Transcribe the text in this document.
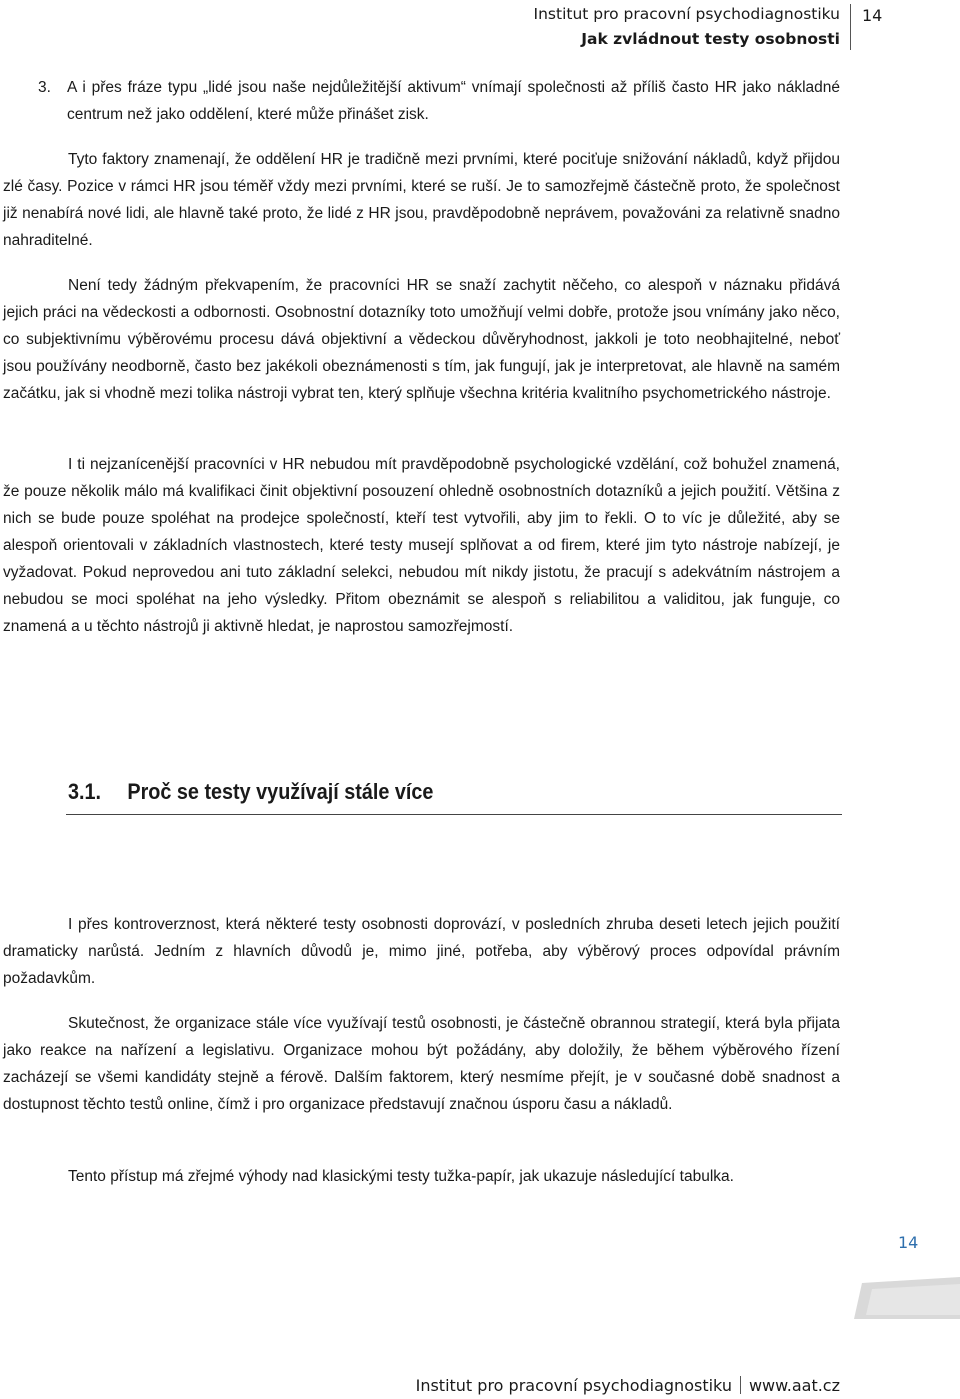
Institut pro pracovní psychodiagnostiku
Jak zvládnout testy osobnosti
14
3.	A i přes fráze typu „lidé jsou naše nejdůležitější aktivum“ vnímají společnosti až příliš často HR jako nákladné centrum než jako oddělení, které může přinášet zisk.
Tyto faktory znamenají, že oddělení HR je tradičně mezi prvními, které pociťuje snižování nákladů, když přijdou zlé časy. Pozice v rámci HR jsou téměř vždy mezi prvními, které se ruší. Je to samozřejmě částečně proto, že společnost již nenabírá nové lidi, ale hlavně také proto, že lidé z HR jsou, pravděpodobně neprávem, považováni za relativně snadno nahraditelné.
Není tedy žádným překvapením, že pracovníci HR se snaží zachytit něčeho, co alespoň v náznaku přidává jejich práci na vědeckosti a odbornosti. Osobnostní dotazníky toto umožňují velmi dobře, protože jsou vnímány jako něco, co subjektivnímu výběrovému procesu dává objektivní a vědeckou důvěryhodnost, jakkoli je toto neobhajitelné, neboť jsou používány neodborně, často bez jakékoli obeznámenosti s tím, jak fungují, jak je interpretovat, ale hlavně na samém začátku, jak si vhodně mezi tolika nástroji vybrat ten, který splňuje všechna kritéria kvalitního psychometrického nástroje.
I ti nejzaníceněјší pracovníci v HR nebudou mít pravděpodobně psychologické vzdělání, což bohužel znamená, že pouze několik málo má kvalifikaci činit objektivní posouzení ohledně osobnostních dotazníků a jejich použití. Většina z nich se bude pouze spoléhat na prodejce společností, kteří test vytvořili, aby jim to řekli. O to víc je důležité, aby se alespoň orientovali v základních vlastnostech, které testy musejí splňovat a od firem, které jim tyto nástroje nabízejí, je vyžadovat. Pokud neprovedou ani tuto základní selekci, nebudou mít nikdy jistotu, že pracují s adekvátním nástrojem a nebudou se moci spoléhat na jeho výsledky. Přitom obeznámit se alespoň s reliabilitou a validitou, jak funguje, co znamená a u těchto nástrojů ji aktivně hledat, je naprostou samozřejmostí.
3.1. Proč se testy využívají stále více
I přes kontroverznost, která některé testy osobnosti doprovází, v posledních zhruba deseti letech jejich použití dramaticky narůstá. Jedním z hlavních důvodů je, mimo jiné, potřeba, aby výběrový proces odpovídal právním požadavkům.
Skutečnost, že organizace stále více využívají testů osobnosti, je částečně obrannou strategií, která byla přijata jako reakce na nařízení a legislativu. Organizace mohou být požádány, aby doložily, že během výběrového řízení zacházejí se všemi kandidáty stejně a férově. Dalším faktorem, který nesmíme přejít, je v současné době snadnost a dostupnost těchto testů online, čímž i pro organizace představují značnou úsporu času a nákladů.
Tento přístup má zřejmé výhody nad klasickými testy tužka-papír, jak ukazuje následující tabulka.
14
Institut pro pracovní psychodiagnostiku www.aat.cz
